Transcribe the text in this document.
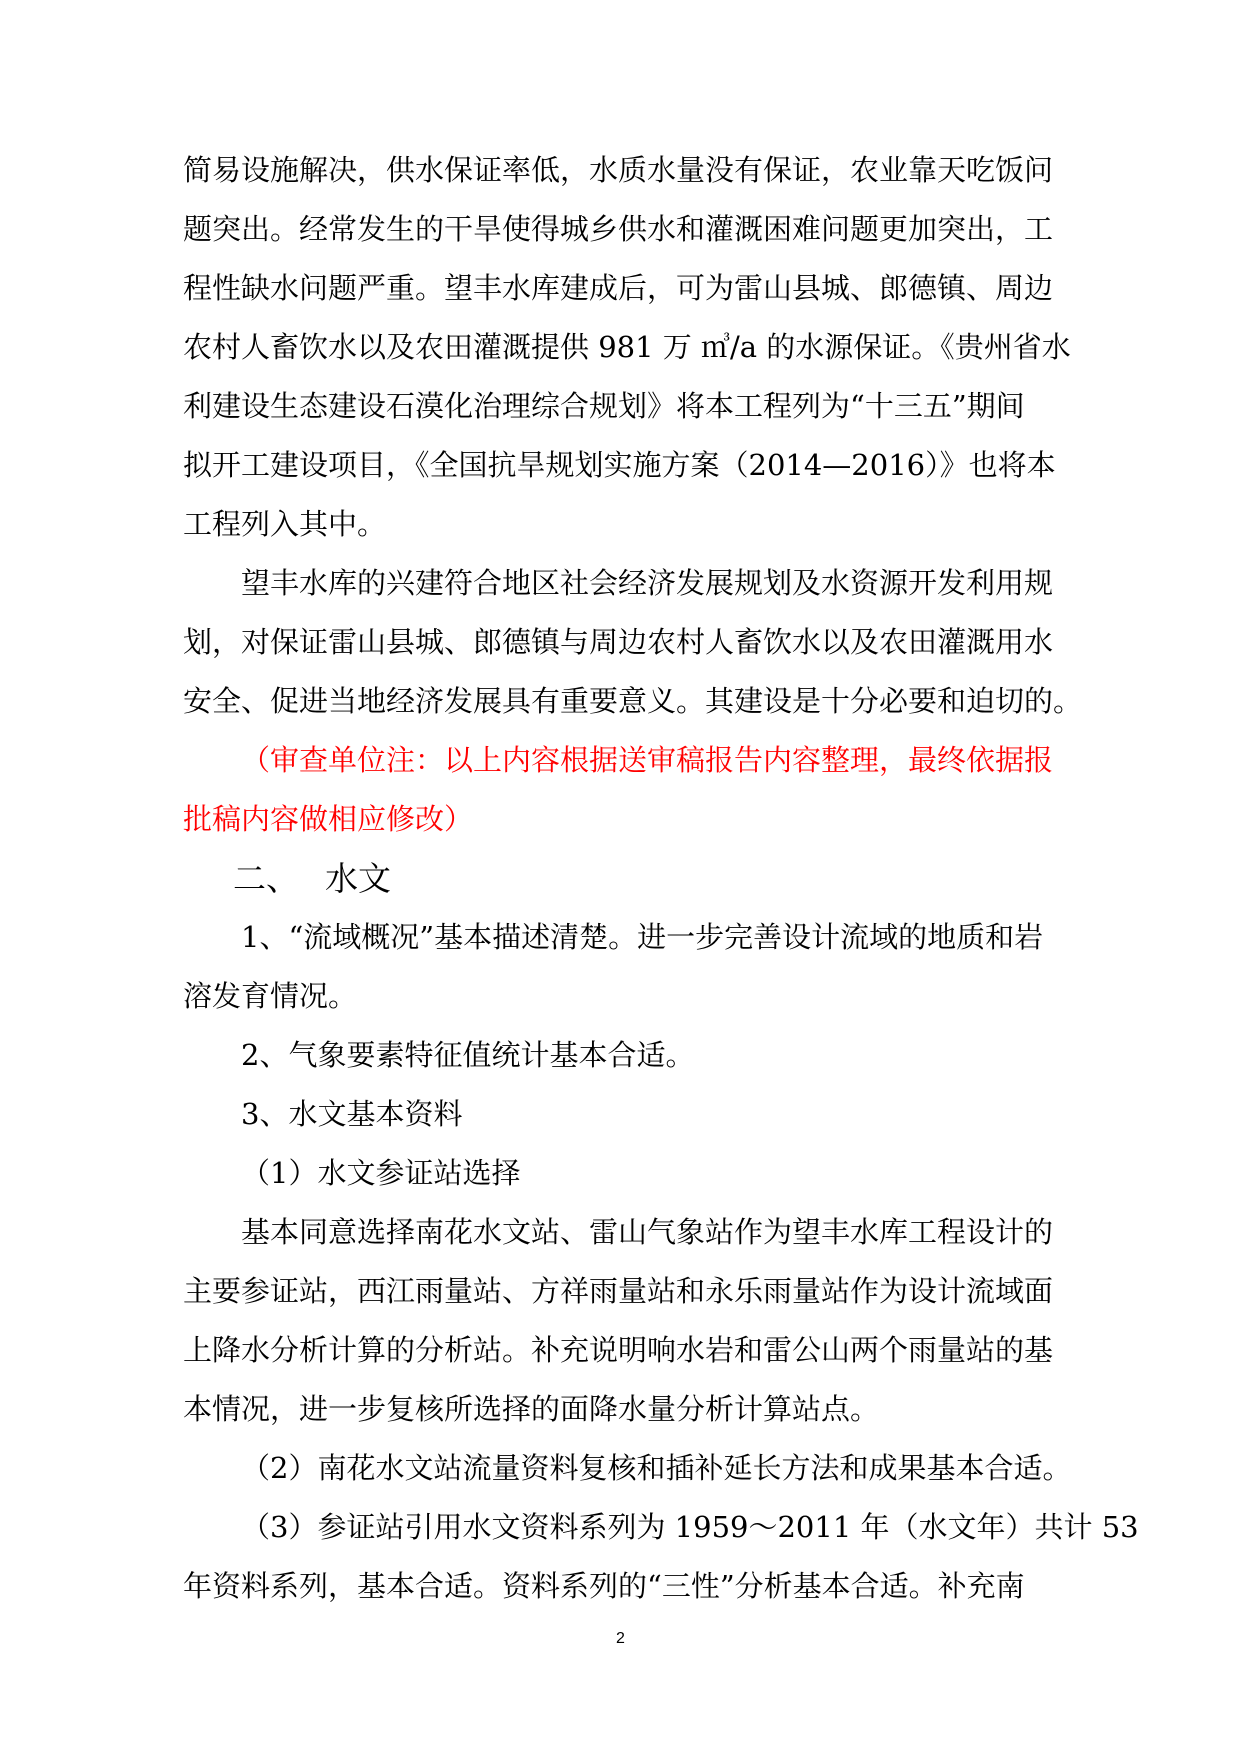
简易设施解决，供水保证率低，水质水量没有保证，农业靠天吃饭问
题突出。经常发生的干旱使得城乡供水和灌溉困难问题更加突出，工
程性缺水问题严重。望丰水库建成后，可为雷山县城、郎德镇、周边
农村人畜饮水以及农田灌溉提供 981 万 ㎥/a 的水源保证。《贵州省水
利建设生态建设石漠化治理综合规划》将本工程列为“十三五”期间
拟开工建设项目，《全国抗旱规划实施方案（2014—2016）》也将本
工程列入其中。
望丰水库的兴建符合地区社会经济发展规划及水资源开发利用规
划，对保证雷山县城、郎德镇与周边农村人畜饮水以及农田灌溉用水
安全、促进当地经济发展具有重要意义。其建设是十分必要和迫切的。
（审查单位注：以上内容根据送审稿报告内容整理，最终依据报
批稿内容做相应修改）
二、 水文
1、“流域概况”基本描述清楚。进一步完善设计流域的地质和岩
溶发育情况。
2、气象要素特征值统计基本合适。
3、水文基本资料
（1）水文参证站选择
基本同意选择南花水文站、雷山气象站作为望丰水库工程设计的
主要参证站，西江雨量站、方祥雨量站和永乐雨量站作为设计流域面
上降水分析计算的分析站。补充说明响水岩和雷公山两个雨量站的基
本情况，进一步复核所选择的面降水量分析计算站点。
（2）南花水文站流量资料复核和插补延长方法和成果基本合适。
（3）参证站引用水文资料系列为 1959～2011 年（水文年）共计 53
年资料系列，基本合适。资料系列的“三性”分析基本合适。补充南
2
